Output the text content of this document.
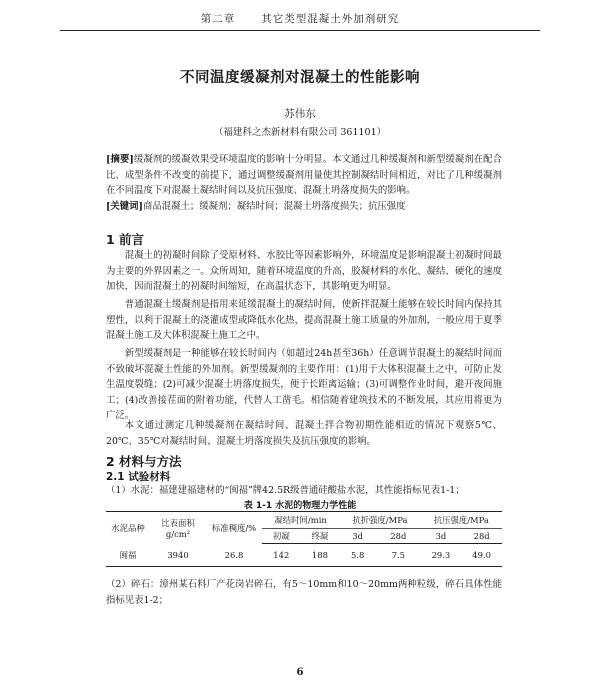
第二章 其它类型混凝土外加剂研究
不同温度缓凝剂对混凝土的性能影响
苏伟东
（福建科之杰新材料有限公司 361101）
[摘要]缓凝剂的缓凝效果受环境温度的影响十分明显。本文通过几种缓凝剂和新型缓凝剂在配合比、成型条件不改变的前提下，通过调整缓凝剂用量使其控制凝结时间相近，对比了几种缓凝剂在不同温度下对混凝土凝结时间以及抗压强度、混凝土坍落度损失的影响。
[关键词]商品混凝土；缓凝剂；凝结时间；混凝土坍落度损失；抗压强度
1 前言
混凝土的初凝时间除了受原材料、水胶比等因素影响外，环境温度是影响混凝土初凝时间最为主要的外界因素之一。众所周知，随着环境温度的升高，胶凝材料的水化、凝结、硬化的速度加快，因而混凝土的初凝时间缩短，在高温状态下，其影响更为明显。
普通混凝土缓凝剂是指用来延缓混凝土的凝结时间，使新拌混凝土能够在较长时间内保持其塑性，以利于混凝土的浇灌成型或降低水化热，提高混凝土施工质量的外加剂，一般应用于夏季混凝土施工及大体积混凝土施工之中。
新型缓凝剂是一种能够在较长时间内（如超过24h甚至36h）任意调节混凝土的凝结时间而不致破坏混凝土性能的外加剂。新型缓凝剂的主要作用：(1)用于大体积混凝土之中，可防止发生温度裂缝；(2)可减少混凝土坍落度损失，便于长距离运输；(3)可调整作业时间，避开夜间施工；(4)改善接茬面的附着功能，代替人工凿毛。相信随着建筑技术的不断发展，其应用将更为广泛。
本文通过测定几种缓凝剂在凝结时间、混凝土拌合物初期性能相近的情况下观察5℃、20℃、35℃对凝结时间、混凝土坍落度损失及抗压强度的影响。
2 材料与方法
2.1 试验材料
（1）水泥：福建建福建材的“闽福”牌42.5R级普通硅酸盐水泥，其性能指标见表1-1；
表 1-1 水泥的物理力学性能
水泥品种	比表面积 g/cm²	标准稠度/%	凝结时间/min		抗折强度/MPa		抗压强度/MPa	
			初凝	终凝	3d	28d	3d	28d
闽福	3940	26.8	142	188	5.8	7.5	29.3	49.0
（2）碎石：漳州某石料厂产花岗岩碎石，有5～10mm和10～20mm两种粒级，碎石具体性能指标见表1-2；
6
